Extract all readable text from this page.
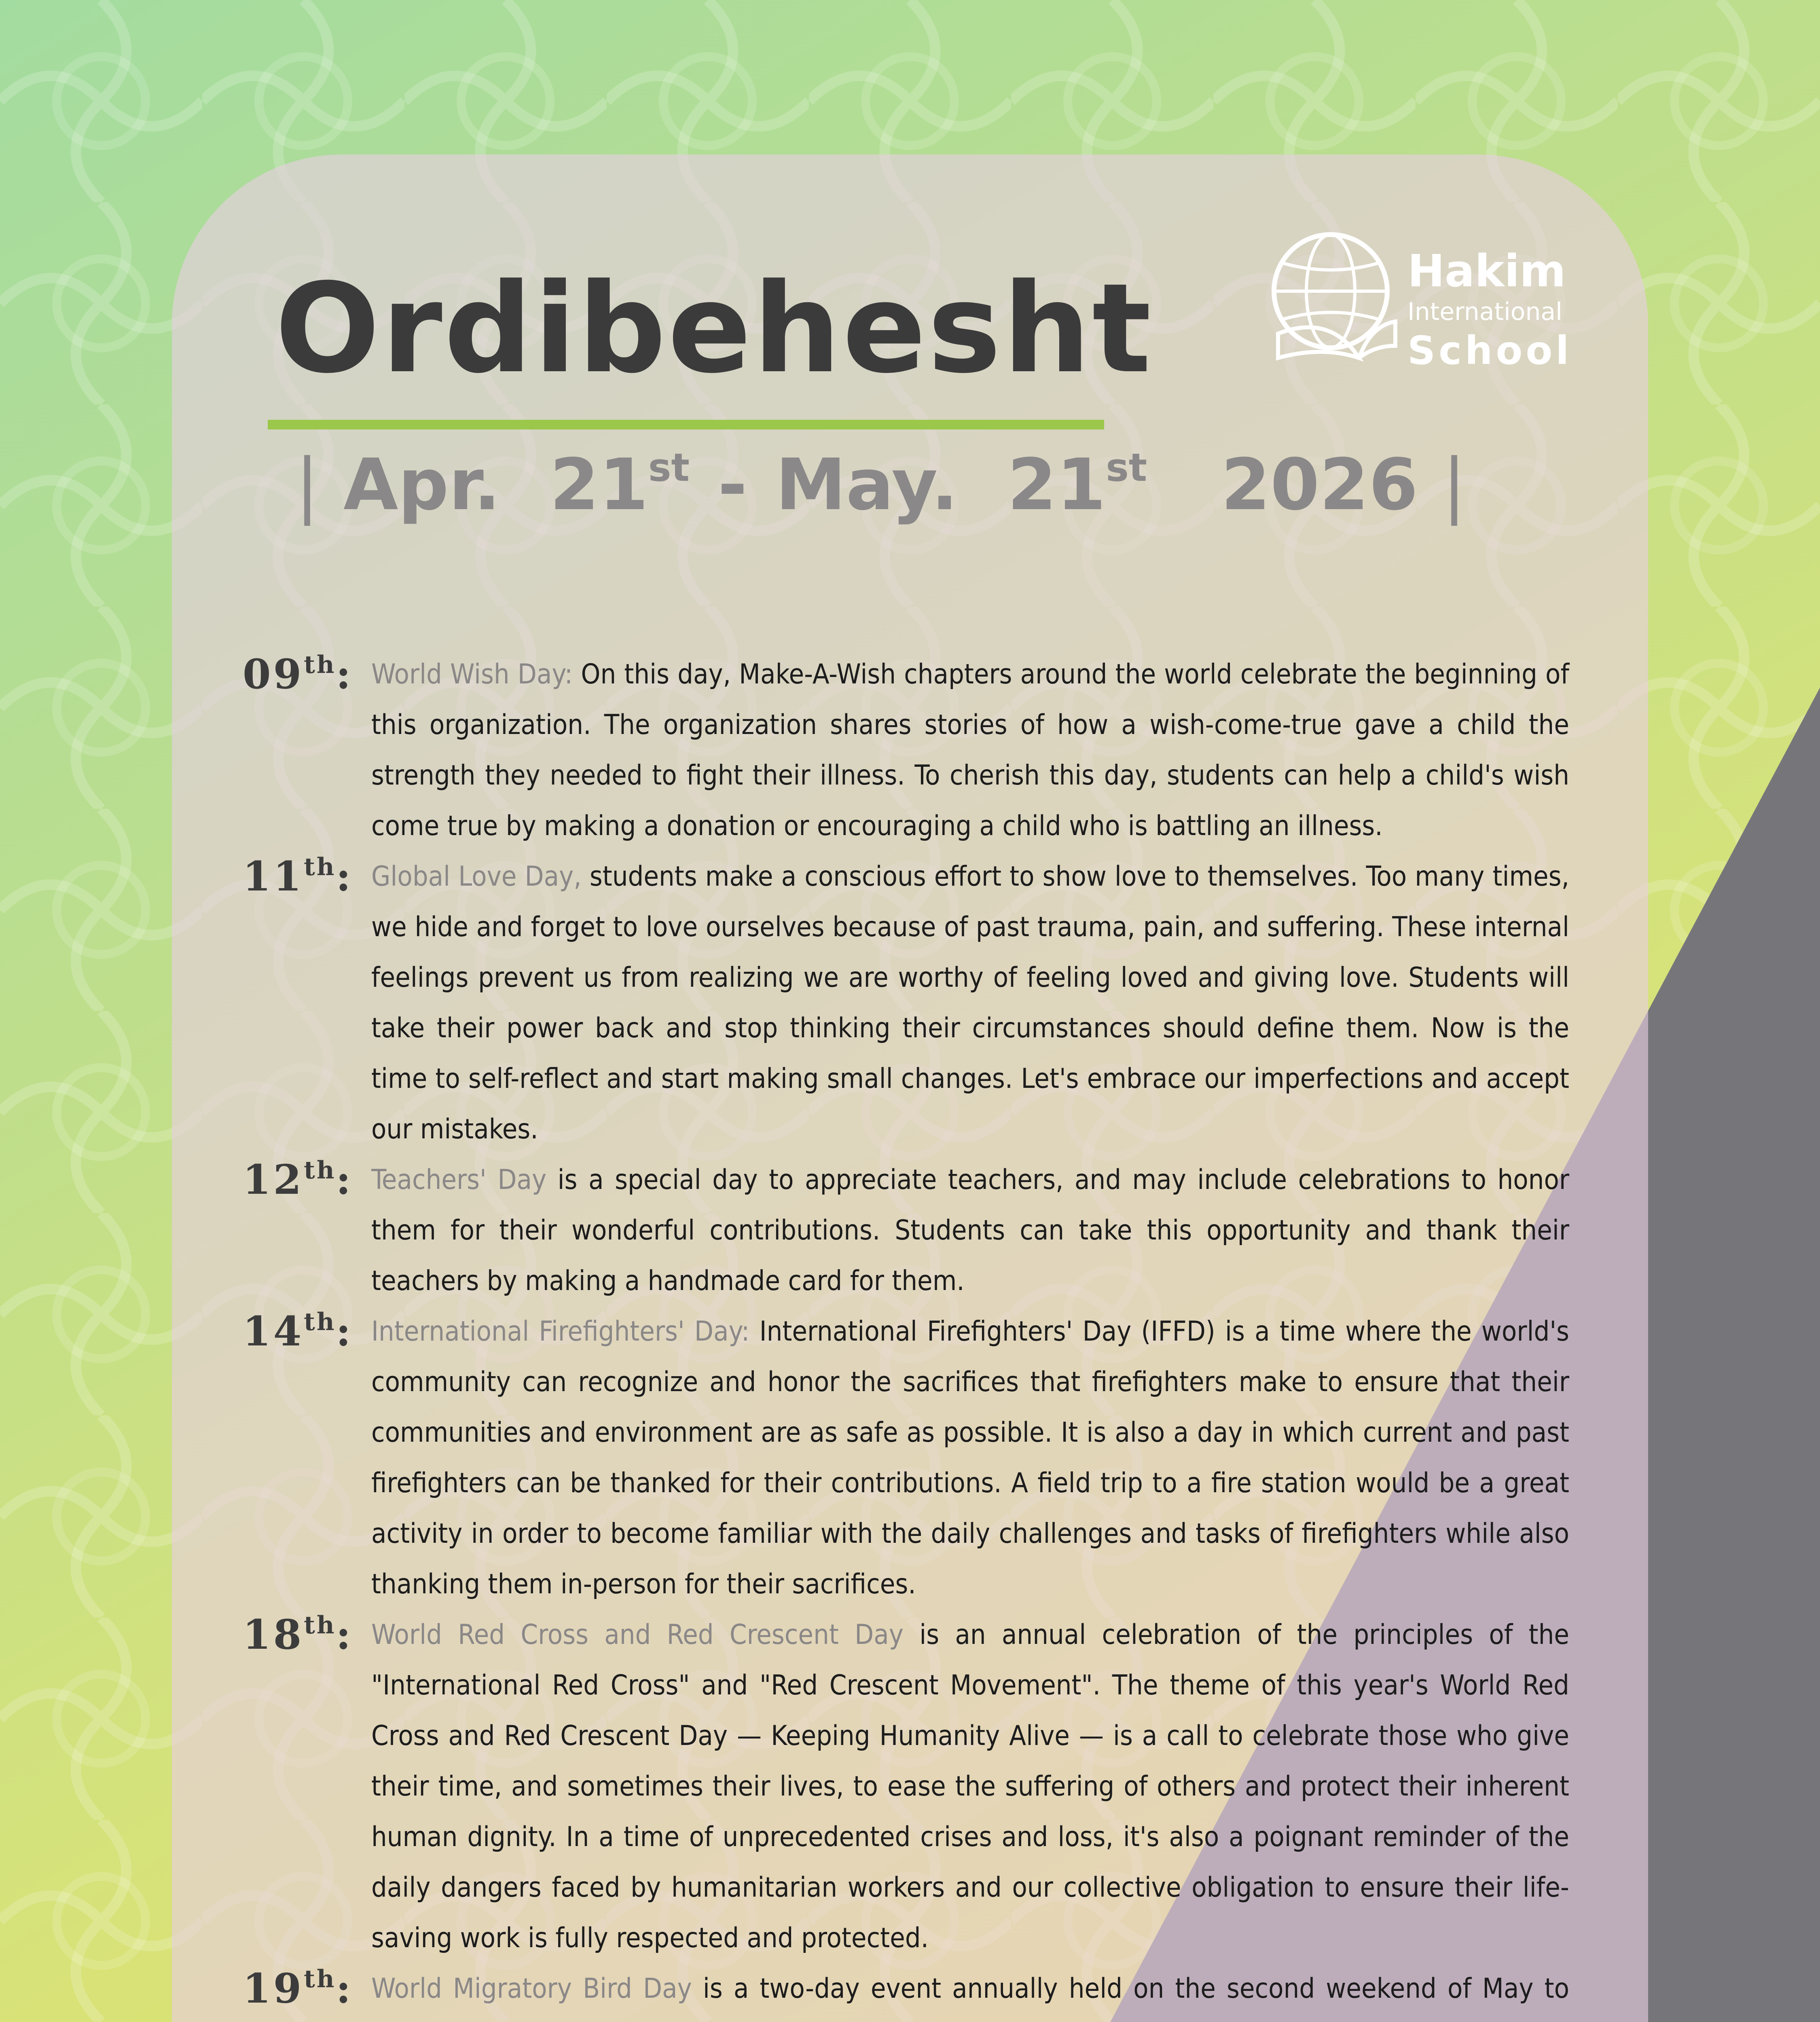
Ordibehesht
| Apr. 21st - May. 21st 2026 |
Hakim
International
School
09th: World Wish Day: On this day, Make-A-Wish chapters around the world celebrate the beginning of this organization. The organization shares stories of how a wish-come-true gave a child the strength they needed to fight their illness. To cherish this day, students can help a child's wish come true by making a donation or encouraging a child who is battling an illness.

11th: Global Love Day, students make a conscious effort to show love to themselves. Too many times, we hide and forget to love ourselves because of past trauma, pain, and suffering. These internal feelings prevent us from realizing we are worthy of feeling loved and giving love. Students will take their power back and stop thinking their circumstances should define them. Now is the time to self-reflect and start making small changes. Let's embrace our imperfections and accept our mistakes.

12th: Teachers' Day is a special day to appreciate teachers, and may include celebrations to honor them for their wonderful contributions. Students can take this opportunity and thank their teachers by making a handmade card for them.

14th: International Firefighters' Day: International Firefighters' Day (IFFD) is a time where the world's community can recognize and honor the sacrifices that firefighters make to ensure that their communities and environment are as safe as possible. It is also a day in which current and past firefighters can be thanked for their contributions. A field trip to a fire station would be a great activity in order to become familiar with the daily challenges and tasks of firefighters while also thanking them in-person for their sacrifices.

18th: World Red Cross and Red Crescent Day is an annual celebration of the principles of the "International Red Cross" and "Red Crescent Movement". The theme of this year's World Red Cross and Red Crescent Day — Keeping Humanity Alive — is a call to celebrate those who give their time, and sometimes their lives, to ease the suffering of others and protect their inherent human dignity. In a time of unprecedented crises and loss, it's also a poignant reminder of the daily dangers faced by humanitarian workers and our collective obligation to ensure their life-saving work is fully respected and protected.

19th: World Migratory Bird Day is a two-day event annually held on the second weekend of May to
